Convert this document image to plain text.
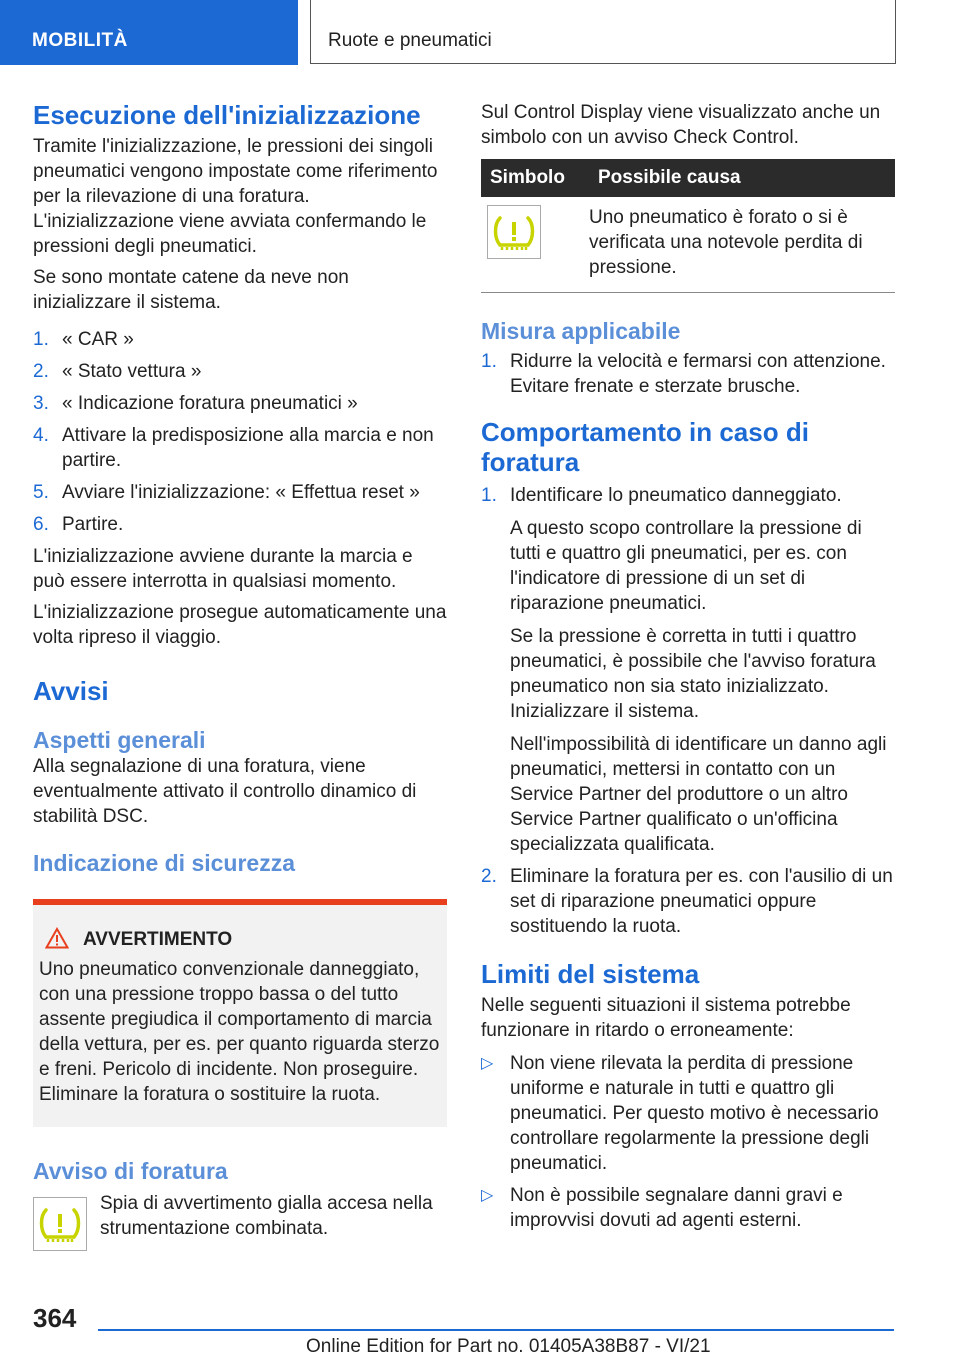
MOBILITÀ	Ruote e pneumatici
Esecuzione dell'inizializzazione

Tramite l'inizializzazione, le pressioni dei singoli pneumatici vengono impostate come riferimento per la rilevazione di una foratura. L'inizializzazione viene avviata confermando le pressioni degli pneumatici.

Se sono montate catene da neve non inizializzare il sistema.

1. « CAR »
2. « Stato vettura »
3. « Indicazione foratura pneumatici »
4. Attivare la predisposizione alla marcia e non partire.
5. Avviare l'inizializzazione: « Effettua reset »
6. Partire.

L'inizializzazione avviene durante la marcia e può essere interrotta in qualsiasi momento.

L'inizializzazione prosegue automaticamente una volta ripreso il viaggio.

Avvisi
Aspetti generali

Alla segnalazione di una foratura, viene eventualmente attivato il controllo dinamico di stabilità DSC.

Indicazione di sicurezza
AVVERTIMENTO

Uno pneumatico convenzionale danneggiato, con una pressione troppo bassa o del tutto assente pregiudica il comportamento di marcia della vettura, per es. per quanto riguarda sterzo e freni. Pericolo di incidente. Non proseguire. Eliminare la foratura o sostituire la ruota.

Avviso di foratura

Spia di avvertimento gialla accesa nella strumentazione combinata.

Sul Control Display viene visualizzato anche un simbolo con un avviso Check Control.

Simbolo	Possibile causa

	Uno pneumatico è forato o si è verificata una notevole perdita di pressione.
Misura applicabile
1. Ridurre la velocità e fermarsi con attenzione. Evitare frenate e sterzate brusche.
Comportamento in caso di foratura
1. Identificare lo pneumatico danneggiato.

A questo scopo controllare la pressione di tutti e quattro gli pneumatici, per es. con l'indicatore di pressione di un set di riparazione pneumatici.

Se la pressione è corretta in tutti i quattro pneumatici, è possibile che l'avviso foratura pneumatico non sia stato inizializzato. Inizializzare il sistema.

Nell'impossibilità di identificare un danno agli pneumatici, mettersi in contatto con un Service Partner del produttore o un altro Service Partner qualificato o un'officina specializzata qualificata.

2. Eliminare la foratura per es. con l'ausilio di un set di riparazione pneumatici oppure sostituendo la ruota.

Limiti del sistema

Nelle seguenti situazioni il sistema potrebbe funzionare in ritardo o erroneamente:

▷ Non viene rilevata la perdita di pressione uniforme e naturale in tutti e quattro gli pneumatici. Per questo motivo è necessario controllare regolarmente la pressione degli pneumatici.
▷ Non è possibile segnalare danni gravi e improvvisi dovuti ad agenti esterni.
364
Online Edition for Part no. 01405A38B87 - VI/21
